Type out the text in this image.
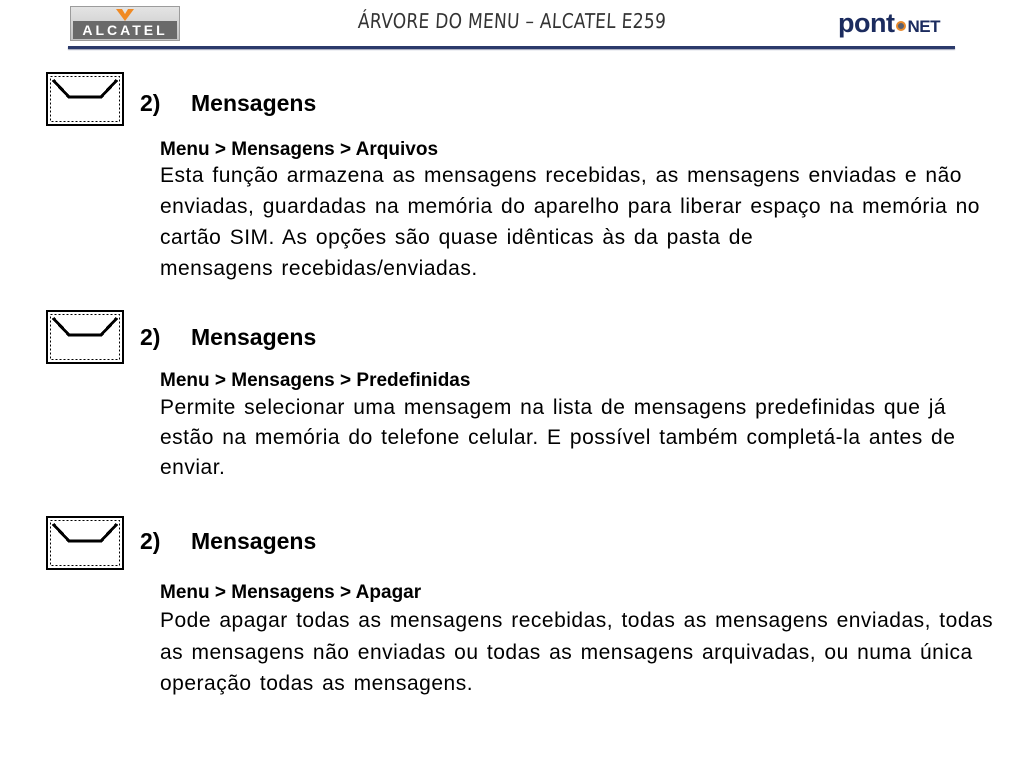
ALCATEL	ÁRVORE DO MENU – ALCATEL E259	pont NET
2) Mensagens
Menu > Mensagens > Arquivos
Esta função armazena as mensagens recebidas, as mensagens enviadas e não
enviadas, guardadas na memória do aparelho para liberar espaço na memória no
cartão SIM. As opções são quase idênticas às da pasta de
mensagens recebidas/enviadas.
2) Mensagens
Menu > Mensagens > Predefinidas
Permite selecionar uma mensagem na lista de mensagens predefinidas que já
estão na memória do telefone celular. E possível também completá-la antes de
enviar.
2) Mensagens
Menu > Mensagens > Apagar
Pode apagar todas as mensagens recebidas, todas as mensagens enviadas, todas
as mensagens não enviadas ou todas as mensagens arquivadas, ou numa única
operação todas as mensagens.
